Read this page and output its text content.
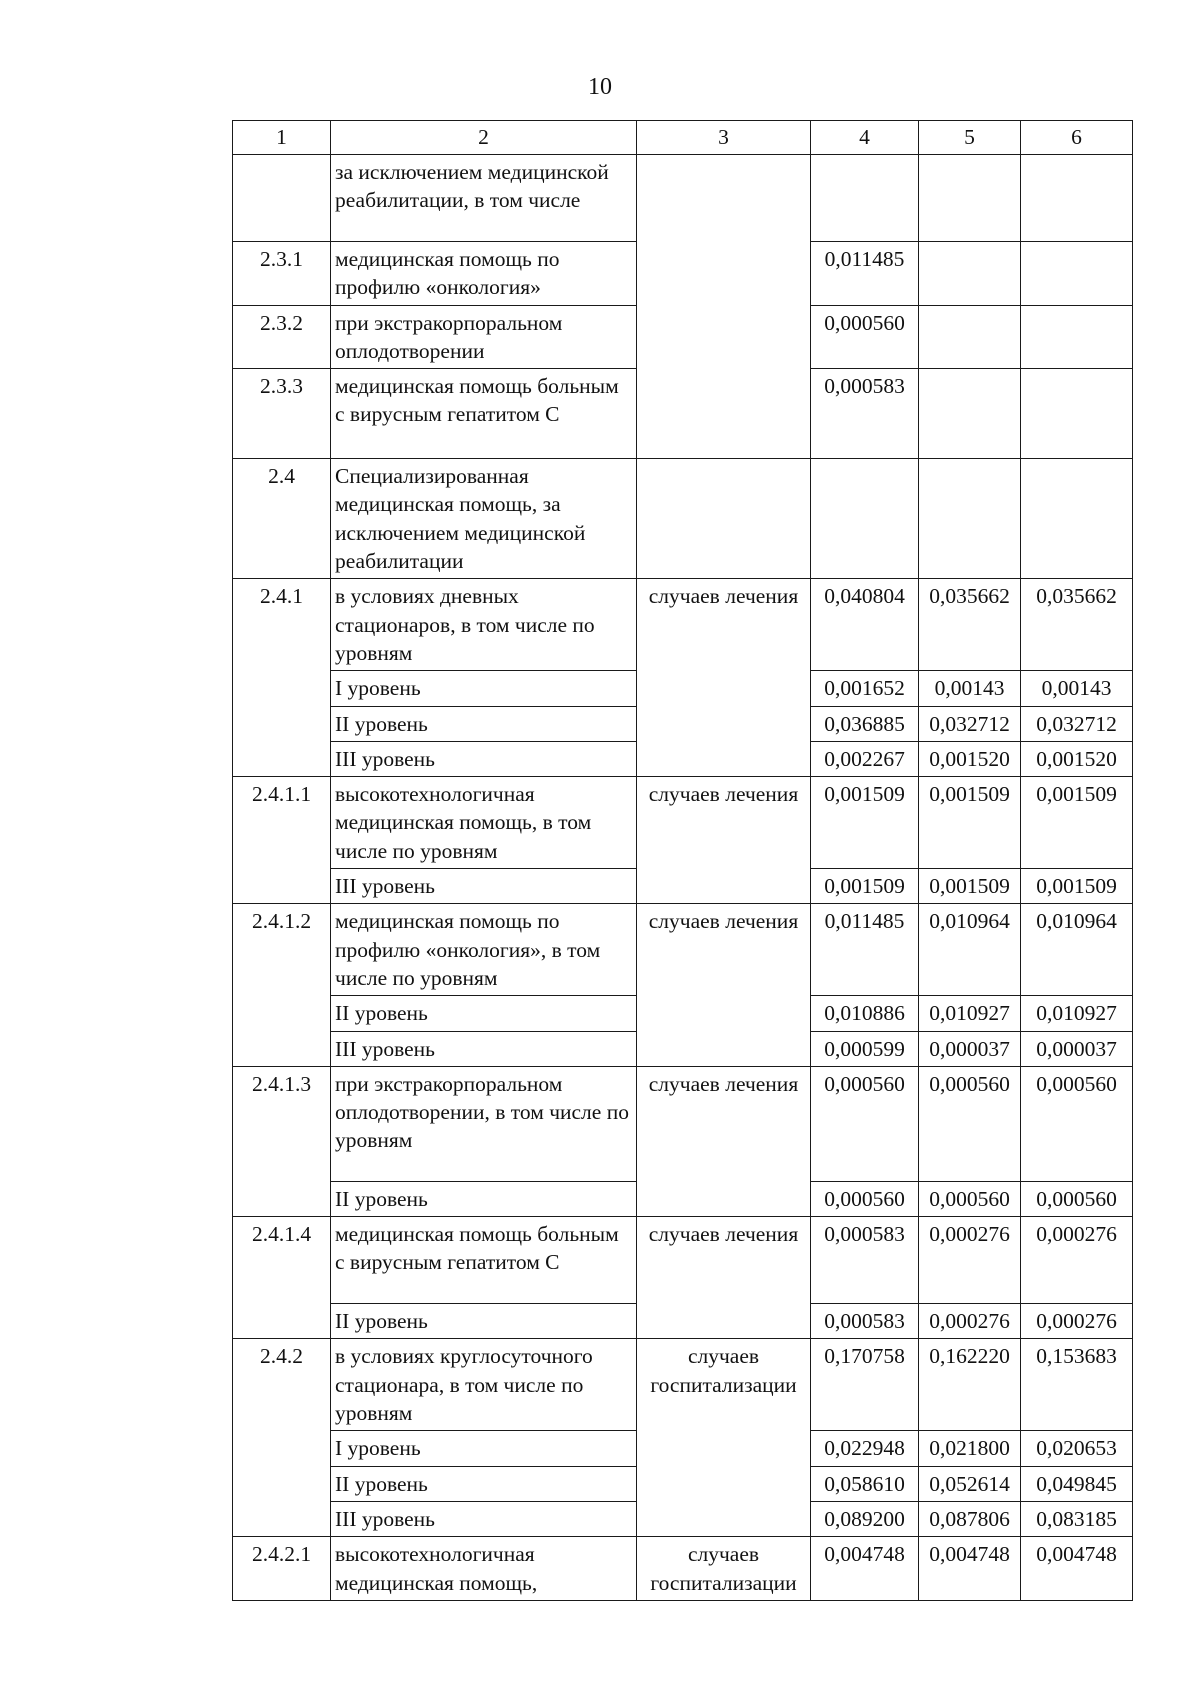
10
1	2	3	4	5	6
	за исключением медицинской реабилитации, в том числе				
2.3.1	медицинская помощь по профилю «онкология»		0,011485		
2.3.2	при экстракорпоральном оплодотворении		0,000560		
2.3.3	медицинская помощь больным с вирусным гепатитом С		0,000583		
2.4	Специализированная медицинская помощь, за исключением медицинской реабилитации				
2.4.1	в условиях дневных стационаров, в том числе по уровням	случаев лечения	0,040804	0,035662	0,035662
	I уровень		0,001652	0,00143	0,00143
	II уровень		0,036885	0,032712	0,032712
	III уровень		0,002267	0,001520	0,001520
2.4.1.1	высокотехнологичная медицинская помощь, в том числе по уровням	случаев лечения	0,001509	0,001509	0,001509
	III уровень		0,001509	0,001509	0,001509
2.4.1.2	медицинская помощь по профилю «онкология», в том числе по уровням	случаев лечения	0,011485	0,010964	0,010964
	II уровень		0,010886	0,010927	0,010927
	III уровень		0,000599	0,000037	0,000037
2.4.1.3	при экстракорпоральном оплодотворении, в том числе по уровням	случаев лечения	0,000560	0,000560	0,000560
	II уровень		0,000560	0,000560	0,000560
2.4.1.4	медицинская помощь больным с вирусным гепатитом С	случаев лечения	0,000583	0,000276	0,000276
	II уровень		0,000583	0,000276	0,000276
2.4.2	в условиях круглосуточного стационара, в том числе по уровням	случаев госпитализации	0,170758	0,162220	0,153683
	I уровень		0,022948	0,021800	0,020653
	II уровень		0,058610	0,052614	0,049845
	III уровень		0,089200	0,087806	0,083185
2.4.2.1	высокотехнологичная медицинская помощь,	случаев госпитализации	0,004748	0,004748	0,004748
